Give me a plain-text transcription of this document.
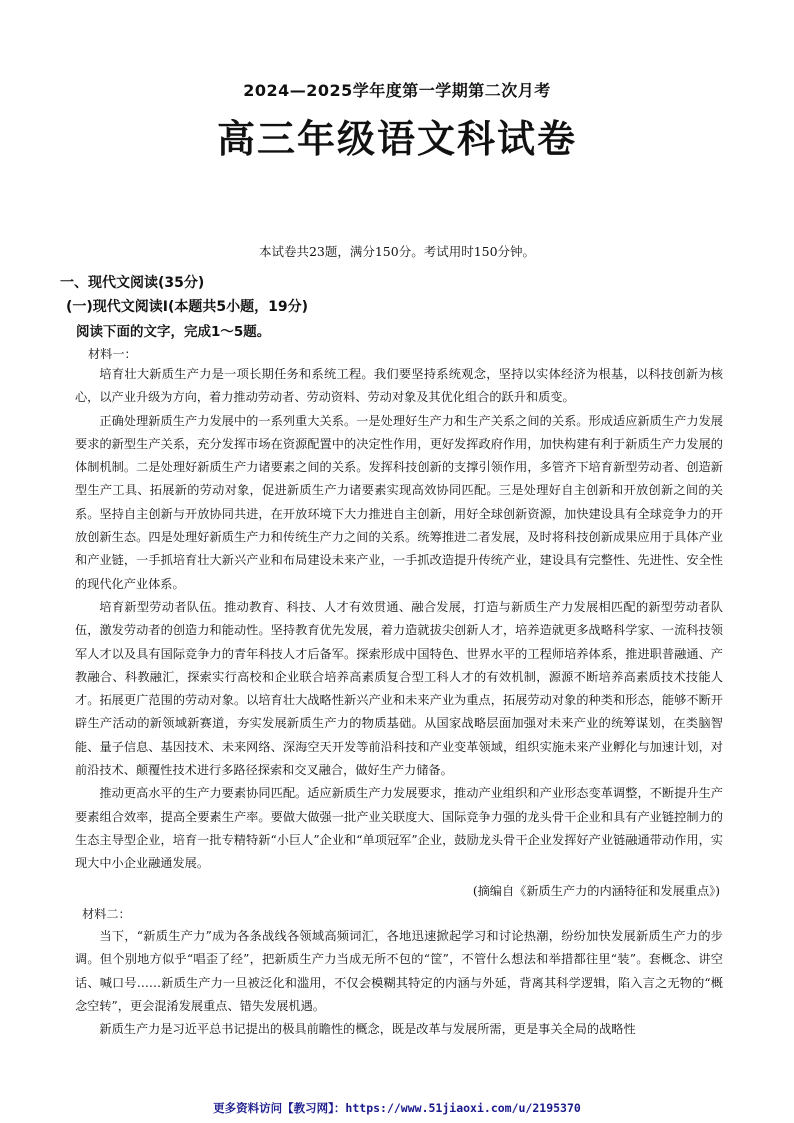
2024—2025学年度第一学期第二次月考
高三年级语文科试卷
本试卷共23题，满分150分。考试用时150分钟。
一、现代文阅读(35分)
(一)现代文阅读Ⅰ(本题共5小题，19分)
阅读下面的文字，完成1～5题。
材料一：

培育壮大新质生产力是一项长期任务和系统工程。我们要坚持系统观念，坚持以实体经济为根基，以科技创新为核心，以产业升级为方向，着力推动劳动者、劳动资料、劳动对象及其优化组合的跃升和质变。

正确处理新质生产力发展中的一系列重大关系。一是处理好生产力和生产关系之间的关系。形成适应新质生产力发展要求的新型生产关系，充分发挥市场在资源配置中的决定性作用，更好发挥政府作用，加快构建有利于新质生产力发展的体制机制。二是处理好新质生产力诸要素之间的关系。发挥科技创新的支撑引领作用，多管齐下培育新型劳动者、创造新型生产工具、拓展新的劳动对象，促进新质生产力诸要素实现高效协同匹配。三是处理好自主创新和开放创新之间的关系。坚持自主创新与开放协同共进，在开放环境下大力推进自主创新，用好全球创新资源，加快建设具有全球竞争力的开放创新生态。四是处理好新质生产力和传统生产力之间的关系。统筹推进二者发展，及时将科技创新成果应用于具体产业和产业链，一手抓培育壮大新兴产业和布局建设未来产业，一手抓改造提升传统产业，建设具有完整性、先进性、安全性的现代化产业体系。

培育新型劳动者队伍。推动教育、科技、人才有效贯通、融合发展，打造与新质生产力发展相匹配的新型劳动者队伍，激发劳动者的创造力和能动性。坚持教育优先发展，着力造就拔尖创新人才，培养造就更多战略科学家、一流科技领军人才以及具有国际竞争力的青年科技人才后备军。探索形成中国特色、世界水平的工程师培养体系，推进职普融通、产教融合、科教融汇，探索实行高校和企业联合培养高素质复合型工科人才的有效机制，源源不断培养高素质技术技能人才。拓展更广范围的劳动对象。以培育壮大战略性新兴产业和未来产业为重点，拓展劳动对象的种类和形态，能够不断开辟生产活动的新领域新赛道，夯实发展新质生产力的物质基础。从国家战略层面加强对未来产业的统筹谋划，在类脑智能、量子信息、基因技术、未来网络、深海空天开发等前沿科技和产业变革领域，组织实施未来产业孵化与加速计划，对前沿技术、颠覆性技术进行多路径探索和交叉融合，做好生产力储备。

推动更高水平的生产力要素协同匹配。适应新质生产力发展要求，推动产业组织和产业形态变革调整，不断提升生产要素组合效率，提高全要素生产率。要做大做强一批产业关联度大、国际竞争力强的龙头骨干企业和具有产业链控制力的生态主导型企业，培育一批专精特新“小巨人”企业和“单项冠军”企业，鼓励龙头骨干企业发挥好产业链融通带动作用，实现大中小企业融通发展。

(摘编自《新质生产力的内涵特征和发展重点》)
材料二：

当下，“新质生产力”成为各条战线各领域高频词汇，各地迅速掀起学习和讨论热潮，纷纷加快发展新质生产力的步调。但个别地方似乎“唱歪了经”，把新质生产力当成无所不包的“筐”，不管什么想法和举措都往里“装”。套概念、讲空话、喊口号……新质生产力一旦被泛化和滥用，不仅会模糊其特定的内涵与外延，背离其科学逻辑，陷入言之无物的“概念空转”，更会混淆发展重点、错失发展机遇。

新质生产力是习近平总书记提出的极具前瞻性的概念，既是改革与发展所需，更是事关全局的战略性

更多资料访问【教习网】：https://www.51jiaoxi.com/u/2195370
